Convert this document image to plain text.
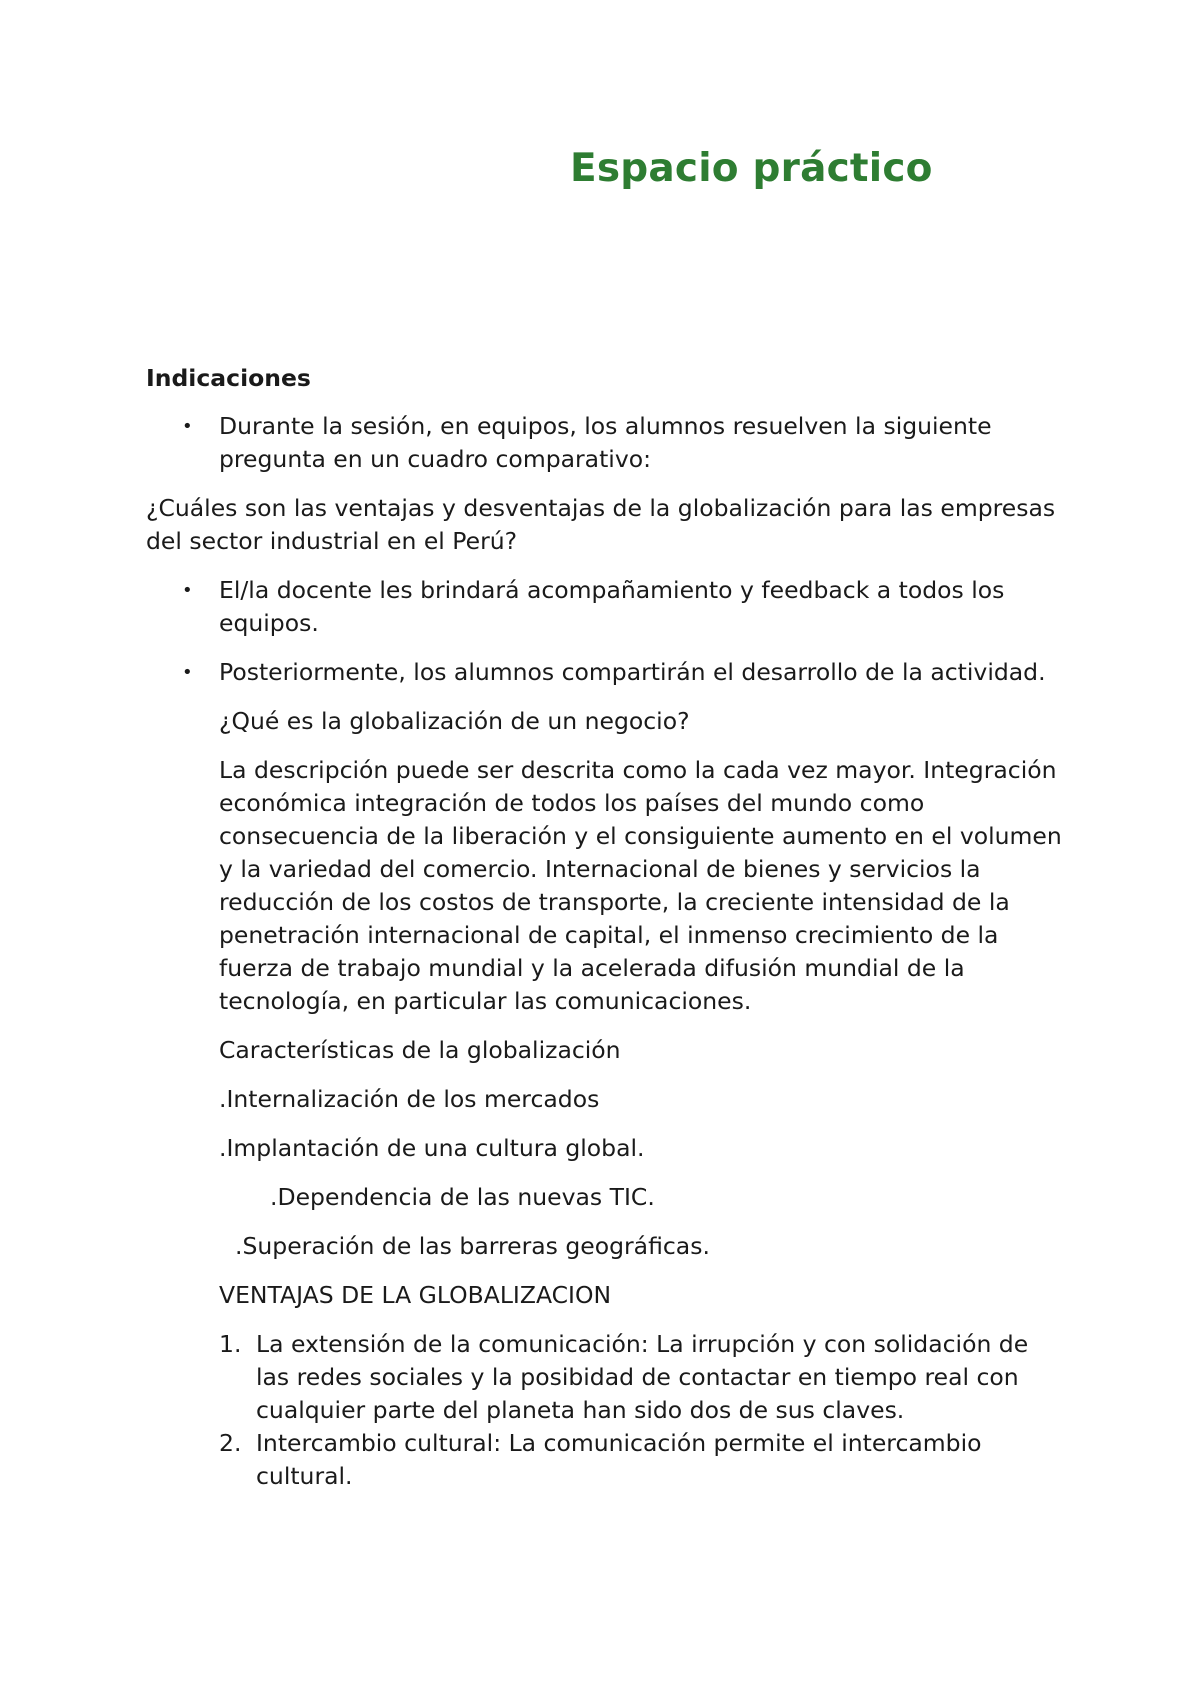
Espacio práctico

Indicaciones

• Durante la sesión, en equipos, los alumnos resuelven la siguiente pregunta en un cuadro comparativo:

¿Cuáles son las ventajas y desventajas de la globalización para las empresas del sector industrial en el Perú?

• El/la docente les brindará acompañamiento y feedback a todos los equipos.

• Posteriormente, los alumnos compartirán el desarrollo de la actividad.

¿Qué es la globalización de un negocio?

La descripción puede ser descrita como la cada vez mayor. Integración económica integración de todos los países del mundo como consecuencia de la liberación y el consiguiente aumento en el volumen y la variedad del comercio. Internacional de bienes y servicios la reducción de los costos de transporte, la creciente intensidad de la penetración internacional de capital, el inmenso crecimiento de la fuerza de trabajo mundial y la acelerada difusión mundial de la tecnología, en particular las comunicaciones.

Características de la globalización

.Internalización de los mercados

.Implantación de una cultura global.

.Dependencia de las nuevas TIC.

.Superación de las barreras geográficas.

VENTAJAS DE LA GLOBALIZACION

1. La extensión de la comunicación: La irrupción y con solidación de las redes sociales y la posibidad de contactar en tiempo real con cualquier parte del planeta han sido dos de sus claves.
2. Intercambio cultural: La comunicación permite el intercambio cultural.
